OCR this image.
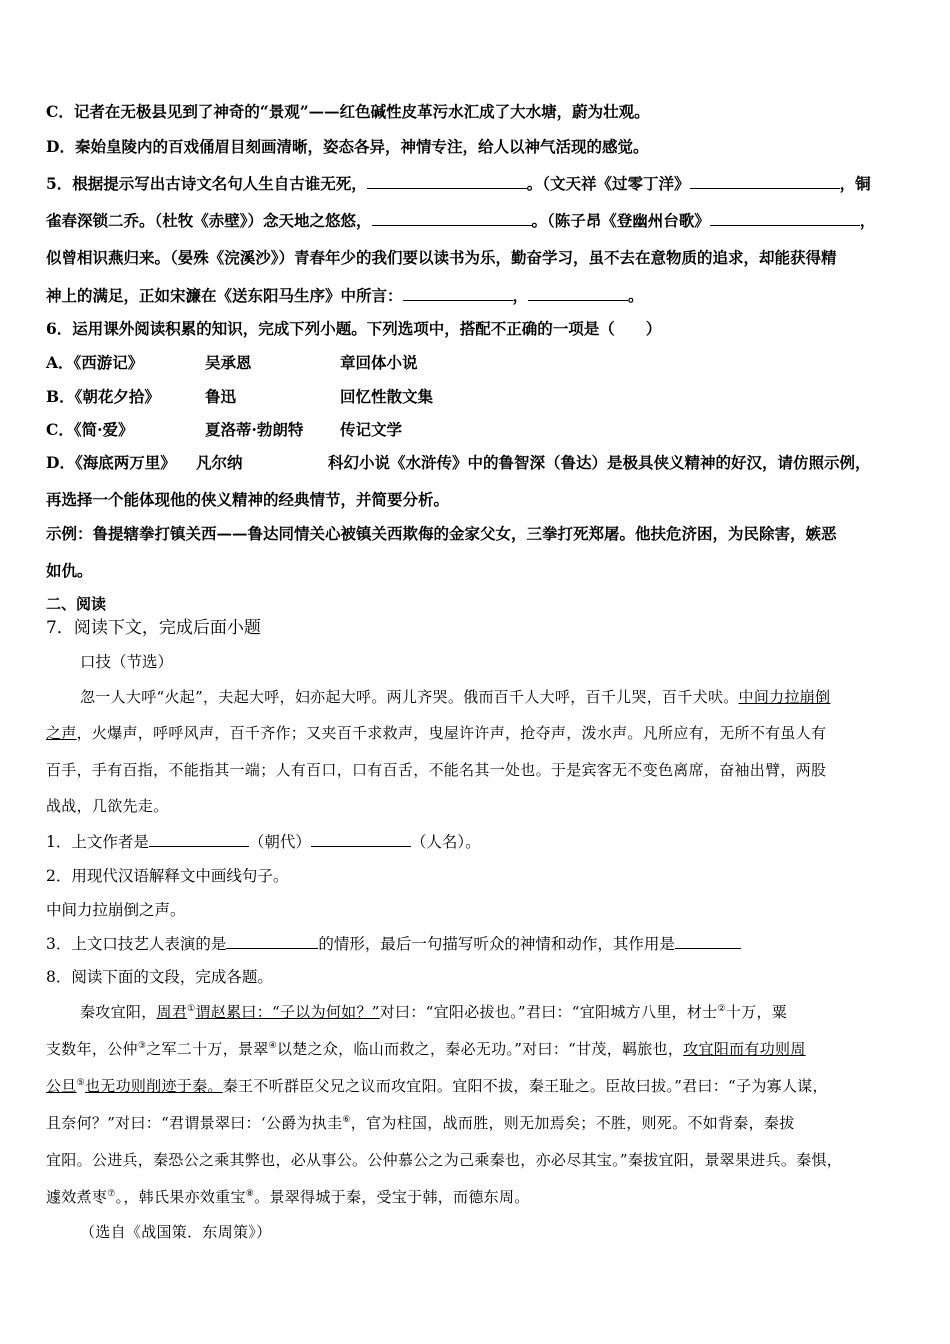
C．记者在无极县见到了神奇的“景观”——红色碱性皮革污水汇成了大水塘，蔚为壮观。
D．秦始皇陵内的百戏俑眉目刻画清晰，姿态各异，神情专注，给人以神气活现的感觉。
5．根据提示写出古诗文名句人生自古谁无死，	。（文天祥《过零丁洋》	，铜
雀春深锁二乔。（杜牧《赤壁》）念天地之悠悠，	。（陈子昂《登幽州台歌》	，
似曾相识燕归来。（晏殊《浣溪沙》）青春年少的我们要以读书为乐，勤奋学习，虽不去在意物质的追求，却能获得精
神上的满足，正如宋濂在《送东阳马生序》中所言：	，	。
6．运用课外阅读积累的知识，完成下列小题。下列选项中，搭配不正确的一项是（　　）
A．《西游记》	吴承恩	章回体小说
B．《朝花夕拾》	鲁迅	回忆性散文集
C．《简·爱》	夏洛蒂·勃朗特 传记文学
D．《海底两万里》 凡尔纳	科幻小说《水浒传》中的鲁智深（鲁达）是极具侠义精神的好汉，请仿照示例，
再选择一个能体现他的侠义精神的经典情节，并简要分析。
示例：鲁提辖拳打镇关西——鲁达同情关心被镇关西欺侮的金家父女，三拳打死郑屠。他扶危济困，为民除害，嫉恶
如仇。
二、阅读
7．阅读下文，完成后面小题
口技（节选）
忽一人大呼“火起”，夫起大呼，妇亦起大呼。两儿齐哭。俄而百千人大呼，百千儿哭，百千犬吠。中间力拉崩倒
之声，火爆声，呼呼风声，百千齐作；又夹百千求救声，曳屋许许声，抢夺声，泼水声。凡所应有，无所不有虽人有
百手，手有百指，不能指其一端；人有百口，口有百舌，不能名其一处也。于是宾客无不变色离席，奋袖出臂，两股
战战，几欲先走。
1．上文作者是	（朝代）	（人名）。
2．用现代汉语解释文中画线句子。
中间力拉崩倒之声。
3．上文口技艺人表演的是	的情形，最后一句描写听众的神情和动作，其作用是
8．阅读下面的文段，完成各题。
秦攻宜阳，周君①谓赵累曰：“子以为何如？”对曰：“宜阳必拔也。”君曰：“宜阳城方八里，材士②十万，粟
支数年，公仲③之军二十万，景翠④以楚之众，临山而救之，秦必无功。”对曰：“甘茂，羁旅也，攻宜阳而有功则周
公旦⑤也无功则削迹于秦。秦王不听群臣父兄之议而攻宜阳。宜阳不拔，秦王耻之。臣故曰拔。”君曰：“子为寡人谋，
且奈何？”对曰：“君谓景翠曰：‘公爵为执圭⑥，官为柱国，战而胜，则无加焉矣；不胜，则死。不如背秦，秦拔
宜阳。公进兵，秦恐公之乘其弊也，必从事公。公仲慕公之为己乘秦也，亦必尽其宝。”秦拔宜阳，景翠果进兵。秦惧，
遽效煮枣⑦。，韩氏果亦效重宝⑧。景翠得城于秦，受宝于韩，而德东周。
（选自《战国策．东周策》）
